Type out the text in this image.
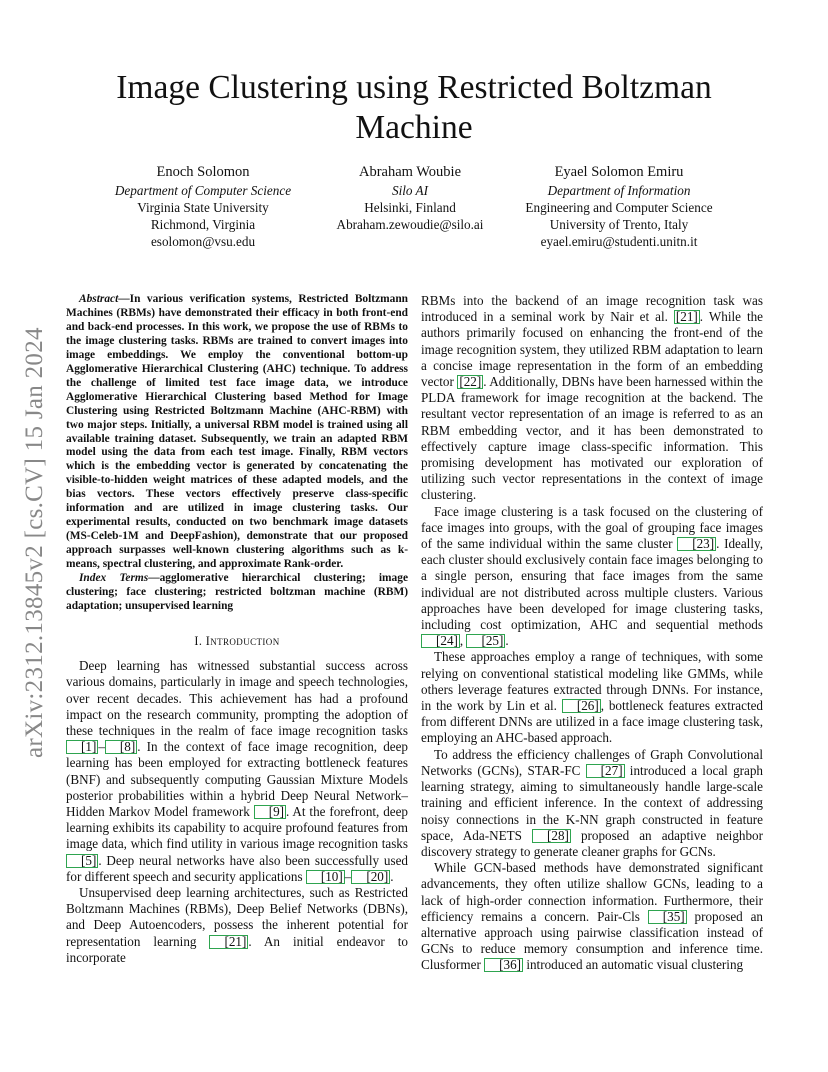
arXiv:2312.13845v2 [cs.CV] 15 Jan 2024
Image Clustering using Restricted Boltzman Machine
Enoch Solomon
Department of Computer Science
Virginia State University
Richmond, Virginia
esolomon@vsu.edu
Abraham Woubie
Silo AI
Helsinki, Finland
Abraham.zewoudie@silo.ai
Eyael Solomon Emiru
Department of Information
Engineering and Computer Science
University of Trento, Italy
eyael.emiru@studenti.unitn.it

Abstract—In various verification systems, Restricted Boltzmann Machines (RBMs) have demonstrated their efficacy in both front-end and back-end processes. In this work, we propose the use of RBMs to the image clustering tasks. RBMs are trained to convert images into image embeddings. We employ the conventional bottom-up Agglomerative Hierarchical Clustering (AHC) technique. To address the challenge of limited test face image data, we introduce Agglomerative Hierarchical Clustering based Method for Image Clustering using Restricted Boltzmann Machine (AHC-RBM) with two major steps. Initially, a universal RBM model is trained using all available training dataset. Subsequently, we train an adapted RBM model using the data from each test image. Finally, RBM vectors which is the embedding vector is generated by concatenating the visible-to-hidden weight matrices of these adapted models, and the bias vectors. These vectors effectively preserve class-specific information and are utilized in image clustering tasks. Our experimental results, conducted on two benchmark image datasets (MS-Celeb-1M and DeepFashion), demonstrate that our proposed approach surpasses well-known clustering algorithms such as k-means, spectral clustering, and approximate Rank-order.

Index Terms—agglomerative hierarchical clustering; image clustering; face clustering; restricted boltzman machine (RBM) adaptation; unsupervised learning

I. Introduction

Deep learning has witnessed substantial success across various domains, particularly in image and speech technologies, over recent decades. This achievement has had a profound impact on the research community, prompting the adoption of these techniques in the realm of face image recognition tasks [1] – [8] . In the context of face image recognition, deep learning has been employed for extracting bottleneck features (BNF) and subsequently computing Gaussian Mixture Models posterior probabilities within a hybrid Deep Neural Network–Hidden Markov Model framework [9] . At the forefront, deep learning exhibits its capability to acquire profound features from image data, which find utility in various image recognition tasks [5] . Deep neural networks have also been successfully used for different speech and security applications [10] – [20] .

Unsupervised deep learning architectures, such as Restricted Boltzmann Machines (RBMs), Deep Belief Networks (DBNs), and Deep Autoencoders, possess the inherent potential for representation learning [21] . An initial endeavor to incorporate

RBMs into the backend of an image recognition task was introduced in a seminal work by Nair et al. [21] . While the authors primarily focused on enhancing the front-end of the image recognition system, they utilized RBM adaptation to learn a concise image representation in the form of an embedding vector [22] . Additionally, DBNs have been harnessed within the PLDA framework for image recognition at the backend. The resultant vector representation of an image is referred to as an RBM embedding vector, and it has been demonstrated to effectively capture image class-specific information. This promising development has motivated our exploration of utilizing such vector representations in the context of image clustering.

Face image clustering is a task focused on the clustering of face images into groups, with the goal of grouping face images of the same individual within the same cluster [23] . Ideally, each cluster should exclusively contain face images belonging to a single person, ensuring that face images from the same individual are not distributed across multiple clusters. Various approaches have been developed for image clustering tasks, including cost optimization, AHC and sequential methods [24] , [25] .

These approaches employ a range of techniques, with some relying on conventional statistical modeling like GMMs, while others leverage features extracted through DNNs. For instance, in the work by Lin et al. [26] , bottleneck features extracted from different DNNs are utilized in a face image clustering task, employing an AHC-based approach.

To address the efficiency challenges of Graph Convolutional Networks (GCNs), STAR-FC [27] introduced a local graph learning strategy, aiming to simultaneously handle large-scale training and efficient inference. In the context of addressing noisy connections in the K-NN graph constructed in feature space, Ada-NETS [28] proposed an adaptive neighbor discovery strategy to generate cleaner graphs for GCNs.

While GCN-based methods have demonstrated significant advancements, they often utilize shallow GCNs, leading to a lack of high-order connection information. Furthermore, their efficiency remains a concern. Pair-Cls [35] proposed an alternative approach using pairwise classification instead of GCNs to reduce memory consumption and inference time. Clusformer [36] introduced an automatic visual clustering
